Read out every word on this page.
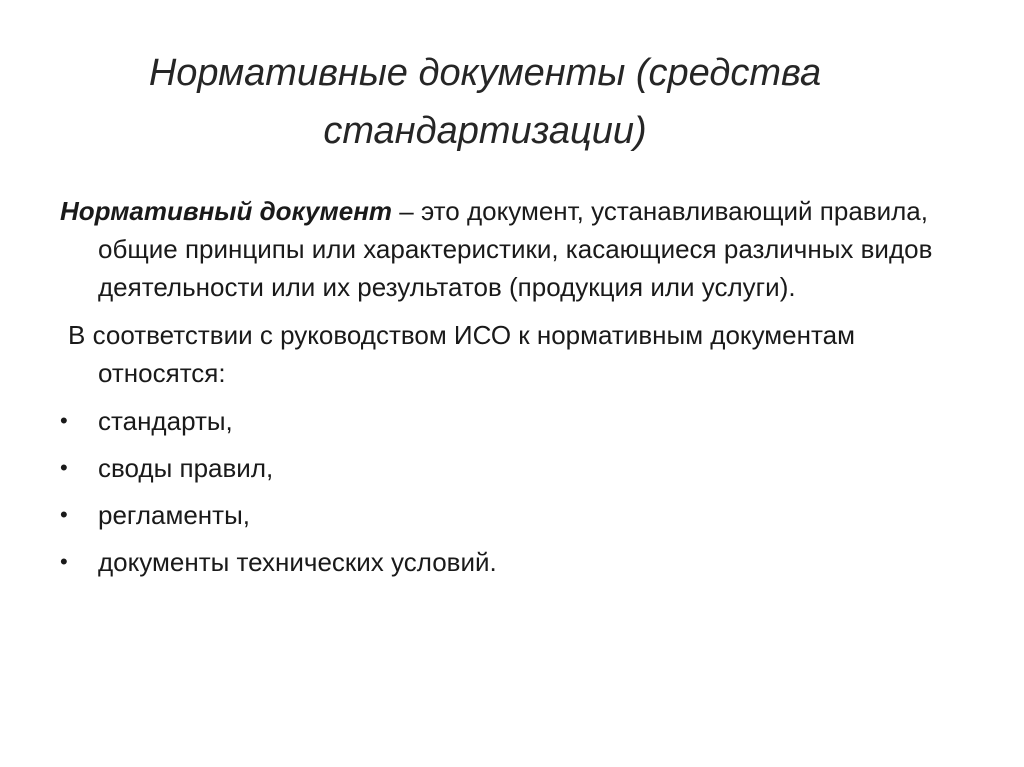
Нормативные документы (средства
стандартизации)

Нормативный документ – это документ, устанавливающий правила, общие принципы или характеристики, касающиеся различных видов деятельности или их результатов (продукция или услуги).

В соответствии с руководством ИСО к нормативным документам относятся:

•	стандарты,
•	своды правил,
•	регламенты,
•	документы технических условий.
